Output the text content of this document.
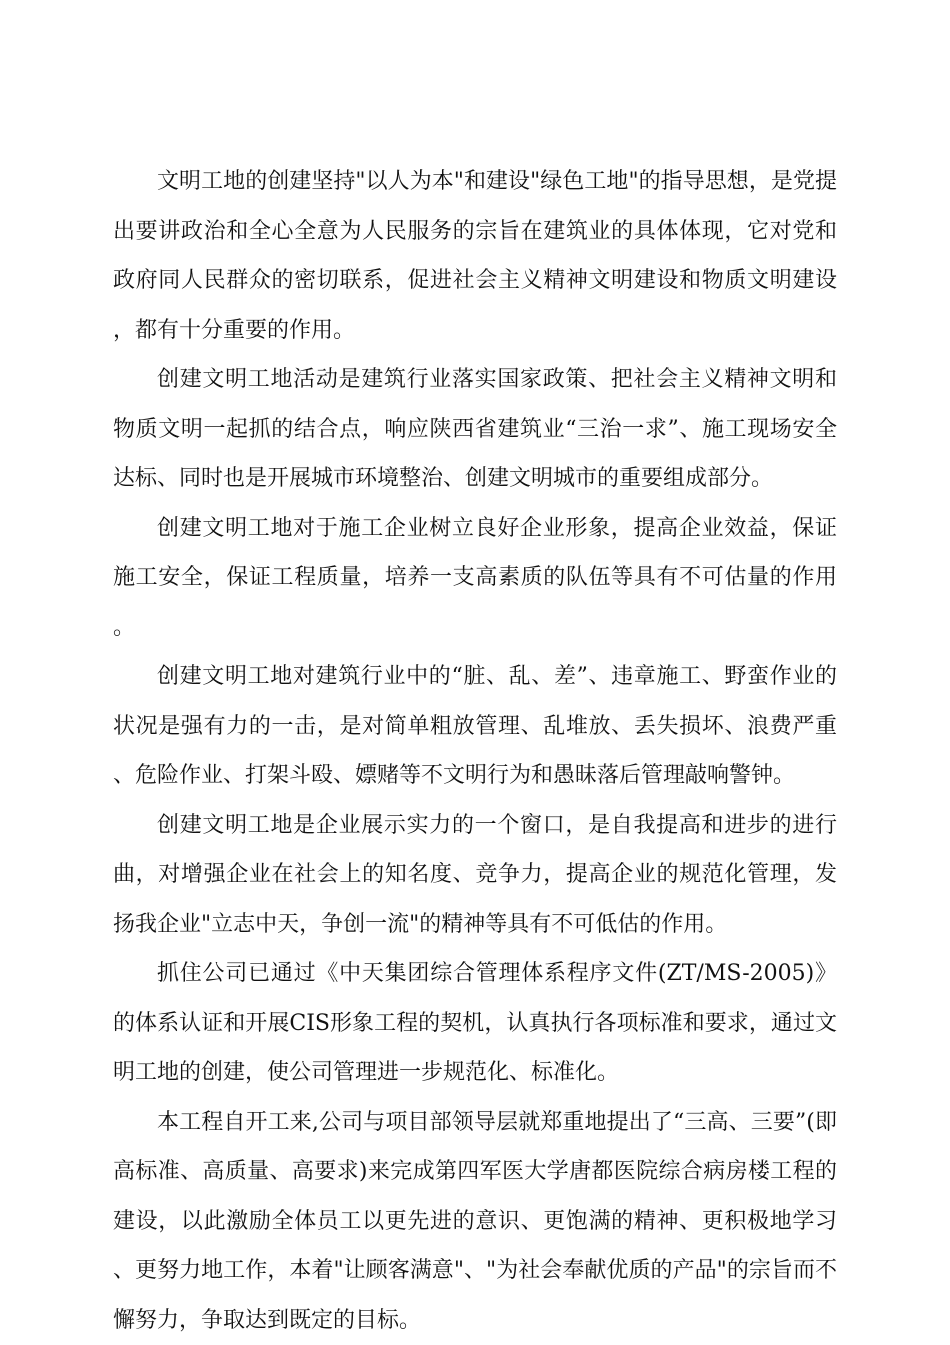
文明工地的创建坚持"以人为本"和建设"绿色工地"的指导思想，是党提出要讲政治和全心全意为人民服务的宗旨在建筑业的具体体现，它对党和政府同人民群众的密切联系，促进社会主义精神文明建设和物质文明建设，都有十分重要的作用。

创建文明工地活动是建筑行业落实国家政策、把社会主义精神文明和物质文明一起抓的结合点，响应陕西省建筑业“三治一求”、施工现场安全达标、同时也是开展城市环境整治、创建文明城市的重要组成部分。

创建文明工地对于施工企业树立良好企业形象，提高企业效益，保证施工安全，保证工程质量，培养一支高素质的队伍等具有不可估量的作用。

创建文明工地对建筑行业中的“脏、乱、差”、违章施工、野蛮作业的状况是强有力的一击，是对简单粗放管理、乱堆放、丢失损坏、浪费严重、危险作业、打架斗殴、嫖赌等不文明行为和愚昧落后管理敲响警钟。

创建文明工地是企业展示实力的一个窗口，是自我提高和进步的进行曲，对增强企业在社会上的知名度、竞争力，提高企业的规范化管理，发扬我企业"立志中天，争创一流"的精神等具有不可低估的作用。

抓住公司已通过《中天集团综合管理体系程序文件(ZT/MS-2005)》的体系认证和开展CIS形象工程的契机，认真执行各项标准和要求，通过文明工地的创建，使公司管理进一步规范化、标准化。

本工程自开工来,公司与项目部领导层就郑重地提出了“三高、三要”(即高标准、高质量、高要求)来完成第四军医大学唐都医院综合病房楼工程的建设，以此激励全体员工以更先进的意识、更饱满的精神、更积极地学习、更努力地工作，本着"让顾客满意"、"为社会奉献优质的产品"的宗旨而不懈努力，争取达到既定的目标。
